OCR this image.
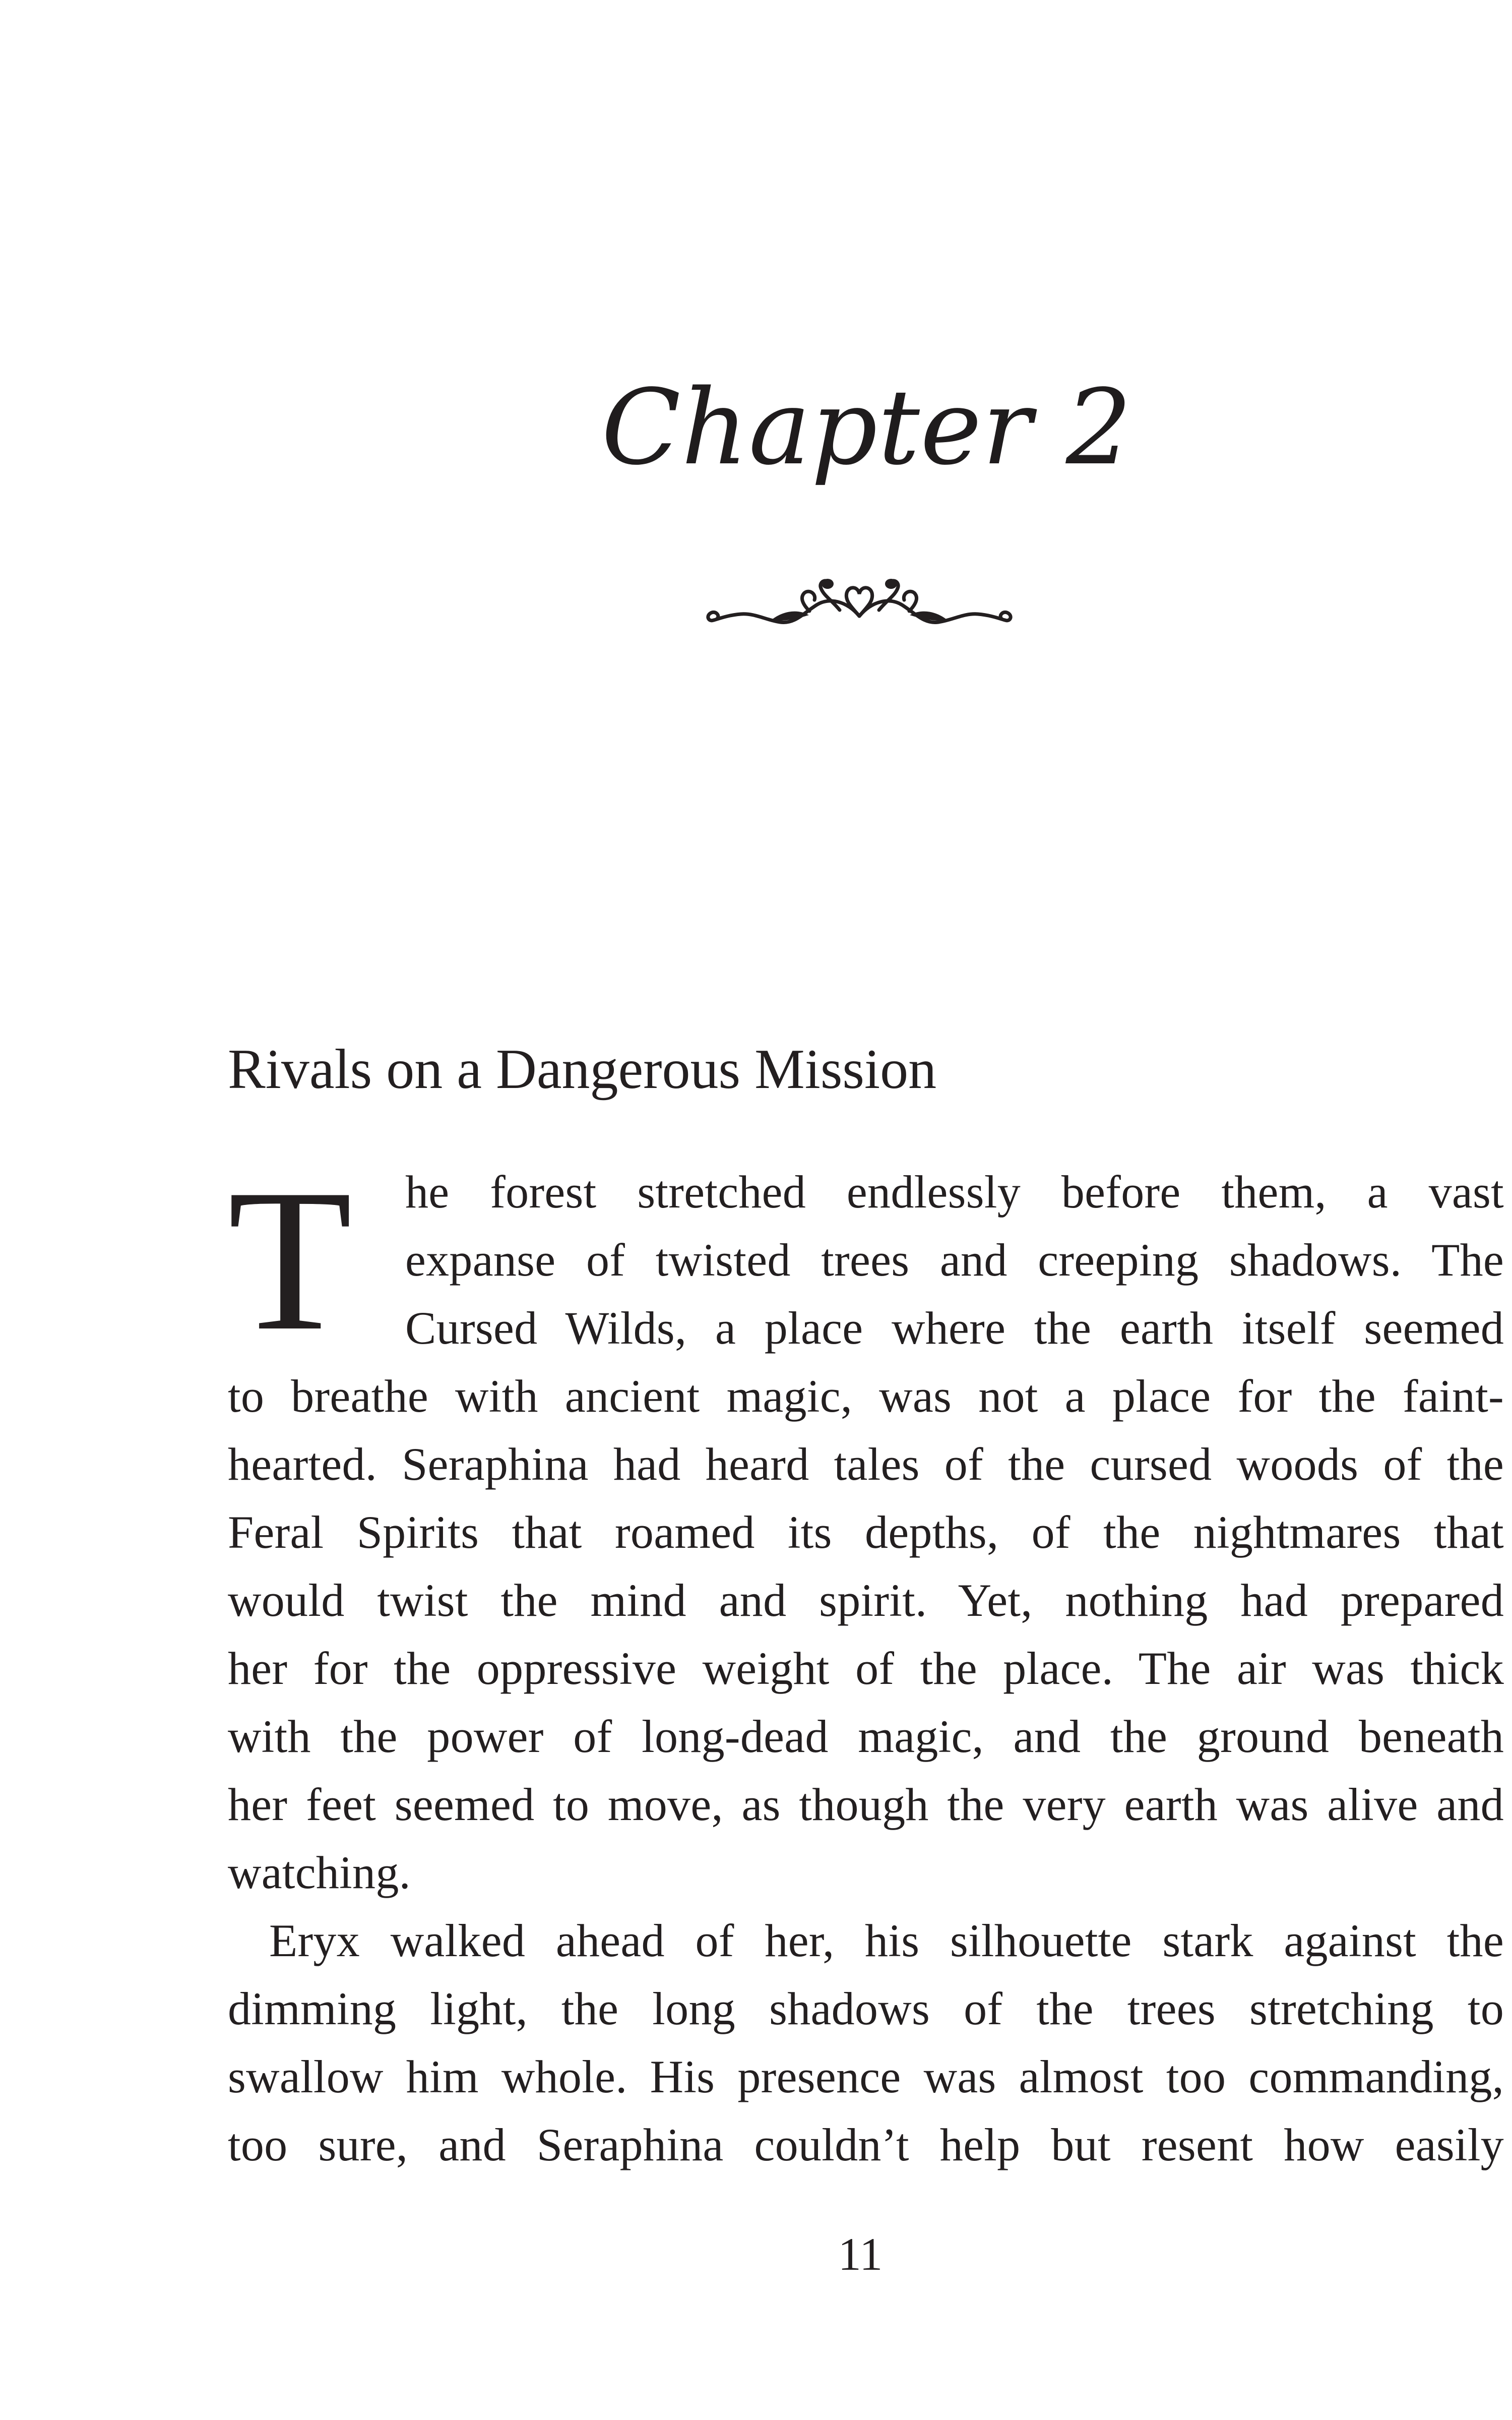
Chapter 2
Rivals on a Dangerous Mission
T he forest stretched endlessly before them, a vast
expanse of twisted trees and creeping shadows. The
Cursed Wilds, a place where the earth itself seemed
to breathe with ancient magic, was not a place for the faint-
hearted. Seraphina had heard tales of the cursed woods of the
Feral Spirits that roamed its depths, of the nightmares that
would twist the mind and spirit. Yet, nothing had prepared
her for the oppressive weight of the place. The air was thick
with the power of long-dead magic, and the ground beneath
her feet seemed to move, as though the very earth was alive and
watching.
Eryx walked ahead of her, his silhouette stark against the
dimming light, the long shadows of the trees stretching to
swallow him whole. His presence was almost too commanding,
too sure, and Seraphina couldn’t help but resent how easily
11
